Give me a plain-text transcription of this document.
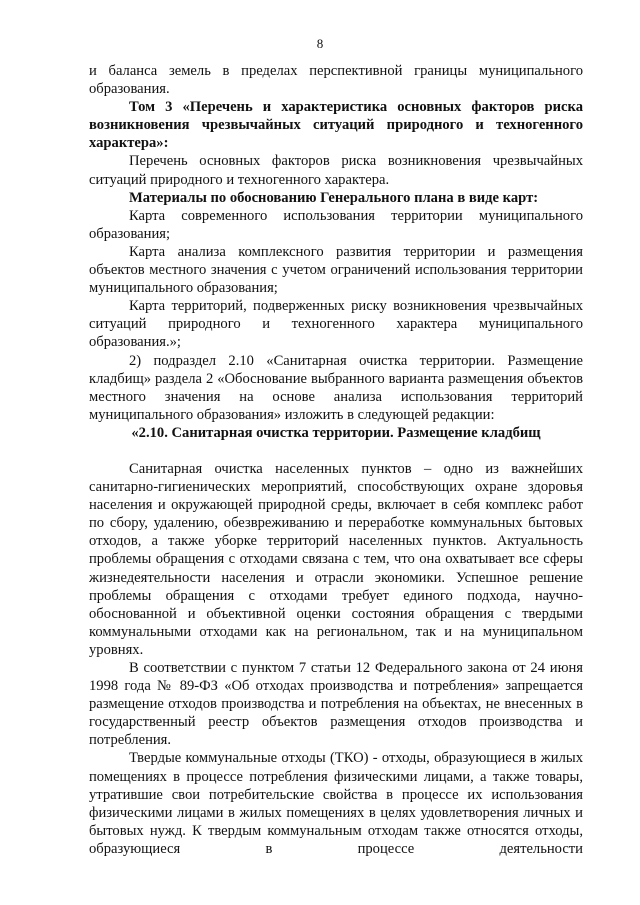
8

и баланса земель в пределах перспективной границы муниципального образования.

Том 3 «Перечень и характеристика основных факторов риска возникновения чрезвычайных ситуаций природного и техногенного характера»:

Перечень основных факторов риска возникновения чрезвычайных ситуаций природного и техногенного характера.

Материалы по обоснованию Генерального плана в виде карт:

Карта современного использования территории муниципального образования;

Карта анализа комплексного развития территории и размещения объектов местного значения с учетом ограничений использования территории муниципального образования;

Карта территорий, подверженных риску возникновения чрезвычайных ситуаций природного и техногенного характера муниципального образования.»;

2) подраздел 2.10 «Санитарная очистка территории. Размещение кладбищ» раздела 2 «Обоснование выбранного варианта размещения объектов местного значения на основе анализа использования территорий муниципального образования» изложить в следующей редакции:

«2.10. Санитарная очистка территории. Размещение кладбищ

Санитарная очистка населенных пунктов – одно из важнейших санитарно-гигиенических мероприятий, способствующих охране здоровья населения и окружающей природной среды, включает в себя комплекс работ по сбору, удалению, обезвреживанию и переработке коммунальных бытовых отходов, а также уборке территорий населенных пунктов. Актуальность проблемы обращения с отходами связана с тем, что она охватывает все сферы жизнедеятельности населения и отрасли экономики. Успешное решение проблемы обращения с отходами требует единого подхода, научно-обоснованной и объективной оценки состояния обращения с твердыми коммунальными отходами как на региональном, так и на муниципальном уровнях.

В соответствии с пунктом 7 статьи 12 Федерального закона от 24 июня 1998 года № 89-ФЗ «Об отходах производства и потребления» запрещается размещение отходов производства и потребления на объектах, не внесенных в государственный реестр объектов размещения отходов производства и потребления.

Твердые коммунальные отходы (ТКО) - отходы, образующиеся в жилых помещениях в процессе потребления физическими лицами, а также товары, утратившие свои потребительские свойства в процессе их использования физическими лицами в жилых помещениях в целях удовлетворения личных и бытовых нужд. К твердым коммунальным отходам также относятся отходы, образующиеся в процессе деятельности
